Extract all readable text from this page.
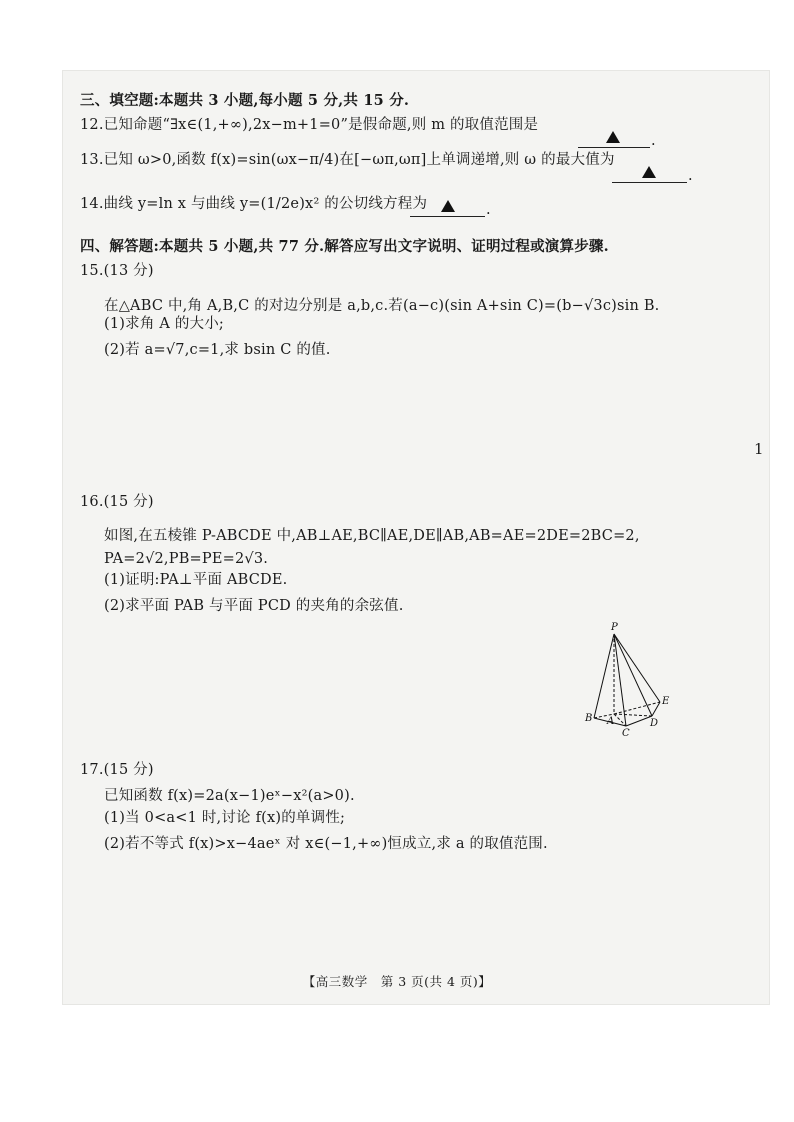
三、填空题:本题共 3 小题,每小题 5 分,共 15 分.
12.已知命题“∃x∈(1,+∞),2x−m+1=0”是假命题,则 m 的取值范围是
.
13.已知 ω>0,函数 f(x)=sin(ωx−π/4)在[−ωπ,ωπ]上单调递增,则 ω 的最大值为
.
14.曲线 y=ln x 与曲线 y=(1/2e)x² 的公切线方程为	.
四、解答题:本题共 5 小题,共 77 分.解答应写出文字说明、证明过程或演算步骤.
15.(13 分)
在△ABC 中,角 A,B,C 的对边分别是 a,b,c.若(a−c)(sin A+sin C)=(b−√3c)sin B.
(1)求角 A 的大小;
(2)若 a=√7,c=1,求 bsin C 的值.
1
16.(15 分)
如图,在五棱锥 P-ABCDE 中,AB⊥AE,BC∥AE,DE∥AB,AB=AE=2DE=2BC=2,
PA=2√2,PB=PE=2√3.
(1)证明:PA⊥平面 ABCDE.
(2)求平面 PAB 与平面 PCD 的夹角的余弦值.
P
E
B A	D
C
17.(15 分)
已知函数 f(x)=2a(x−1)eˣ−x²(a>0).
(1)当 0<a<1 时,讨论 f(x)的单调性;
(2)若不等式 f(x)>x−4aeˣ 对 x∈(−1,+∞)恒成立,求 a 的取值范围.
【高三数学　第 3 页(共 4 页)】
